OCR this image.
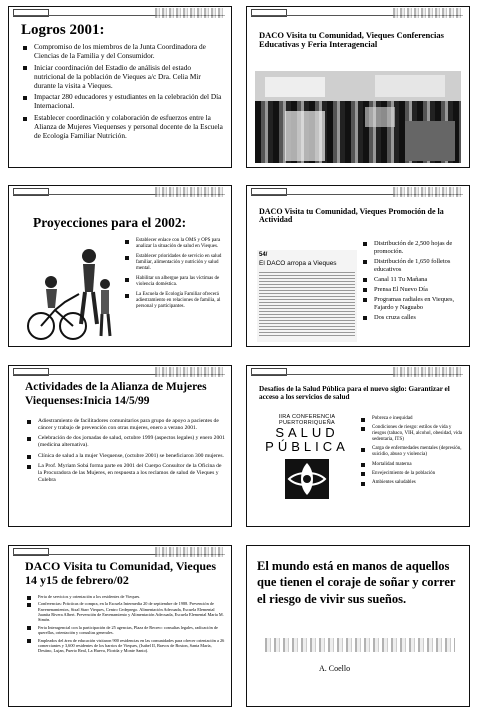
Logros 2001:
Compromiso de los miembros de la Junta Coordinadora de Ciencias de la Familia y del Consumidor.
Iniciar coordinación del Estadio de análisis del estado nutricional de la población de Vieques a/c Dra. Celia Mir durante la visita a Vieques.
Impactar 280 educadores y estudiantes en la celebración del Día Internacional.
Establecer coordinación y colaboración de esfuerzos entre la Alianza de Mujeres Viequenses y personal docente de la Escuela de Ecología Familiar Nutrición.
DACO Visita tu Comunidad, Vieques Conferencias Educativas y Feria Interagencial
Proyecciones para el 2002:
Establecer enlace con la OMS y OPS para analizar la situación de salud en Vieques.
Establecer prioridades de servicio en salud familiar, alimentación y nutrición y salud mental.
Habilitar un albergue para las víctimas de violencia doméstica.
La Escuela de Ecología Familiar ofrecerá adiestramiento en relaciones de familia, al personal y participantes.
DACO Visita tu Comunidad, Vieques Promoción de la Actividad
54/
El DACO arropa a Vieques
Distribución de 2,500 hojas de promoción.
Distribución de 1,650 folletos educativos
Canal 11 Tu Mañana
Prensa El Nuevo Día
Programas radiales en Vieques, Fajardo y Naguabo
Dos cruza calles
Actividades de la Alianza de Mujeres Viequenses:Inicia 14/5/99
Adiestramiento de facilitadores comunitarios para grupo de apoyo a pacientes de cáncer y trabajo de prevención con otras mujeres, enero a verano 2001.
Celebración de dos jornadas de salud, octubre 1999 (aspectos legales) y enero 2001 (medicina alternativa).
Clínica de salud a la mujer Viequense, (octubre 2001) se beneficiaron 300 mujeres.
La Prof. Myriam Sobá forma parte en 2001 del Cuerpo Consultor de la Oficina de la Procuradora de las Mujeres, en respuesta a los reclamos de salud de Vieques y Culebra
Desafíos de la Salud Pública para el nuevo siglo: Garantizar el acceso a los servicios de salud
IIRA CONFERENCIA
PUERTORRIQUEÑA
SALUD
PÚBLICA
Pobreza e inequidad
Condiciones de riesgo: estilos de vida y riesgos (tabaco, VIH, alcohol, obesidad, vida sedentaria, ITS)
Carga de enfermedades mentales (depresión, suicidio, abuso y violencia)
Mortalidad materna
Envejecimiento de la población
Ambientes saludables
DACO Visita tu Comunidad, Vieques 14 y15 de febrero/02
Feria de servicios y orientación a los residentes de Vieques.
Conferencias: Prácticas de compra, en la Escuela Intermedia 20 de septiembre de 1988. Prevención de Envenenamientos, Sixal Starr Vieques, Centro Cedeprego. Alimentación Adecuada, Escuela Elemental Juanita Rivera Albert. Prevención de Envenamiento y Alimentación Adecuada, Escuela Elemental María M. Simón.
Feria Interagencial con la participación de 25 agencias, Plaza de Recreo: consultas legales, radicación de querellas, orientación y consultas generales.
Empleados del área de educación visitaron 900 residencias en las comunidades para ofrecer orientación a 26 comerciantes y 3,600 residentes de los barrios de Vieques, (Isabel II, Bravos de Boston, Santa María, Destino, Lujan, Puerto Real, La Hueva, Florida y Monte Santo).
El mundo está en manos de aquellos que tienen el coraje de soñar y correr el riesgo de vivir sus sueños.
A. Coello
